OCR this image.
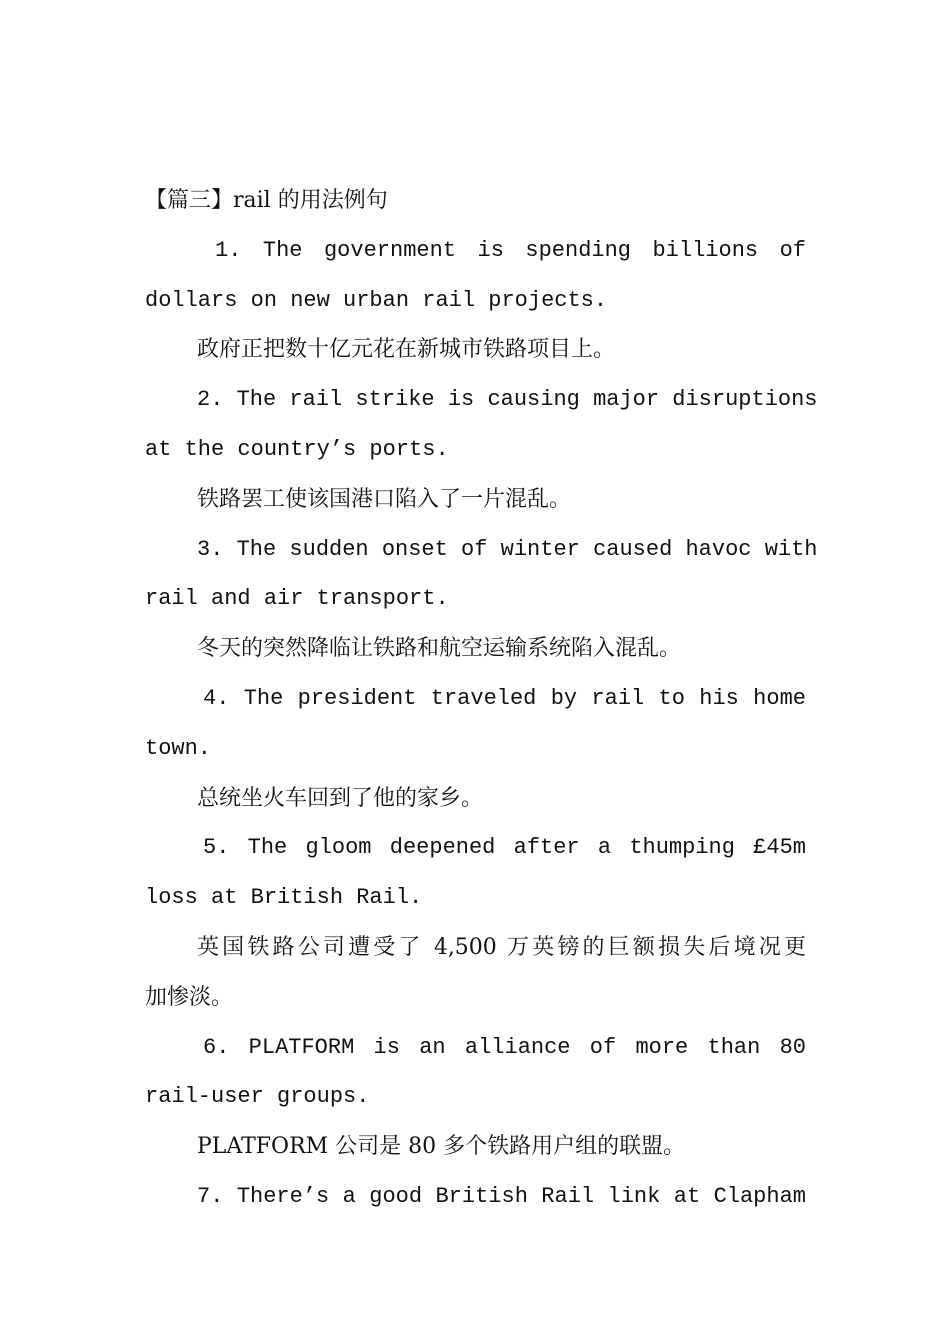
【篇三】rail 的用法例句
1. The government is spending billions of
dollars on new urban rail projects.
政府正把数十亿元花在新城市铁路项目上。
2. The rail strike is causing major disruptions
at the country’s ports.
铁路罢工使该国港口陷入了一片混乱。
3. The sudden onset of winter caused havoc with
rail and air transport.
冬天的突然降临让铁路和航空运输系统陷入混乱。
4. The president traveled by rail to his home
town.
总统坐火车回到了他的家乡。
5. The gloom deepened after a thumping £45m
loss at British Rail.
英国铁路公司遭受了 4,500 万英镑的巨额损失后境况更
加惨淡。
6. PLATFORM is an alliance of more than 80
rail-user groups.
PLATFORM 公司是 80 多个铁路用户组的联盟。
7. There’s a good British Rail link at Clapham
